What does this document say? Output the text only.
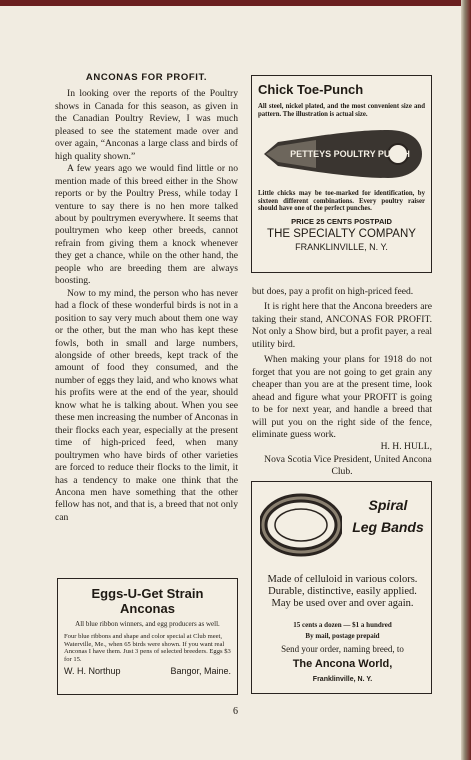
ANCONAS FOR PROFIT.

In looking over the reports of the Poultry shows in Canada for this season, as given in the Canadian Poultry Review, I was much pleased to see the statement made over and over again, “Anconas a large class and birds of high quality shown.”

A few years ago we would find little or no mention made of this breed either in the Show reports or by the Poultry Press, while today I venture to say there is no hen more talked about by poultrymen everywhere. It seems that poultrymen who keep other breeds, cannot refrain from giving them a knock whenever they get a chance, while on the other hand, the people who are breeding them are always boosting.

Now to my mind, the person who has never had a flock of these wonderful birds is not in a position to say very much about them one way or the other, but the man who has kept these fowls, both in small and large numbers, alongside of other breeds, kept track of the amount of food they consumed, and the number of eggs they laid, and who knows what his profits were at the end of the year, should know what he is talking about. When you see these men increasing the number of Anconas in their flocks each year, especially at the present time of high-priced feed, when many poultrymen who have birds of other varieties are forced to reduce their flocks to the limit, it has a tendency to make one think that the Ancona men have something that the other fellow has not, and that is, a breed that not only can

Chick Toe-Punch

All steel, nickel plated, and the most convenient size and pattern. The illustration is actual size.

PETTEYS POULTRY PUNCH

Little chicks may be toe-marked for identification, by sixteen different combinations. Every poultry raiser should have one of the perfect punches.

PRICE 25 CENTS POSTPAID
THE SPECIALTY COMPANY
FRANKLINVILLE, N. Y.

but does, pay a profit on high-priced feed.

It is right here that the Ancona breeders are taking their stand, ANCONAS FOR PROFIT. Not only a Show bird, but a profit payer, a real utility bird.

When making your plans for 1918 do not forget that you are not going to get grain any cheaper than you are at the present time, look ahead and figure what your PROFIT is going to be for next year, and handle a breed that will put you on the right side of the fence, eliminate guess work.

H. H. HULL,

Nova Scotia Vice President, United Ancona Club.

Spiral
Leg Bands
Made of celluloid in various colors. Durable, distinctive, easily applied. May be used over and over again.
15 cents a dozen — $1 a hundred
By mail, postage prepaid
Send your order, naming breed, to
The Ancona World,
Franklinville, N. Y.
Eggs-U-Get Strain Anconas
All blue ribbon winners, and egg producers as well.
Four blue ribbons and shape and color special at Club meet, Waterville, Me., when 65 birds were shown. If you want real Anconas I have them. Just 3 pens of selected breeders. Eggs $3 for 15.
W. H. Northup	Bangor, Maine.
6
